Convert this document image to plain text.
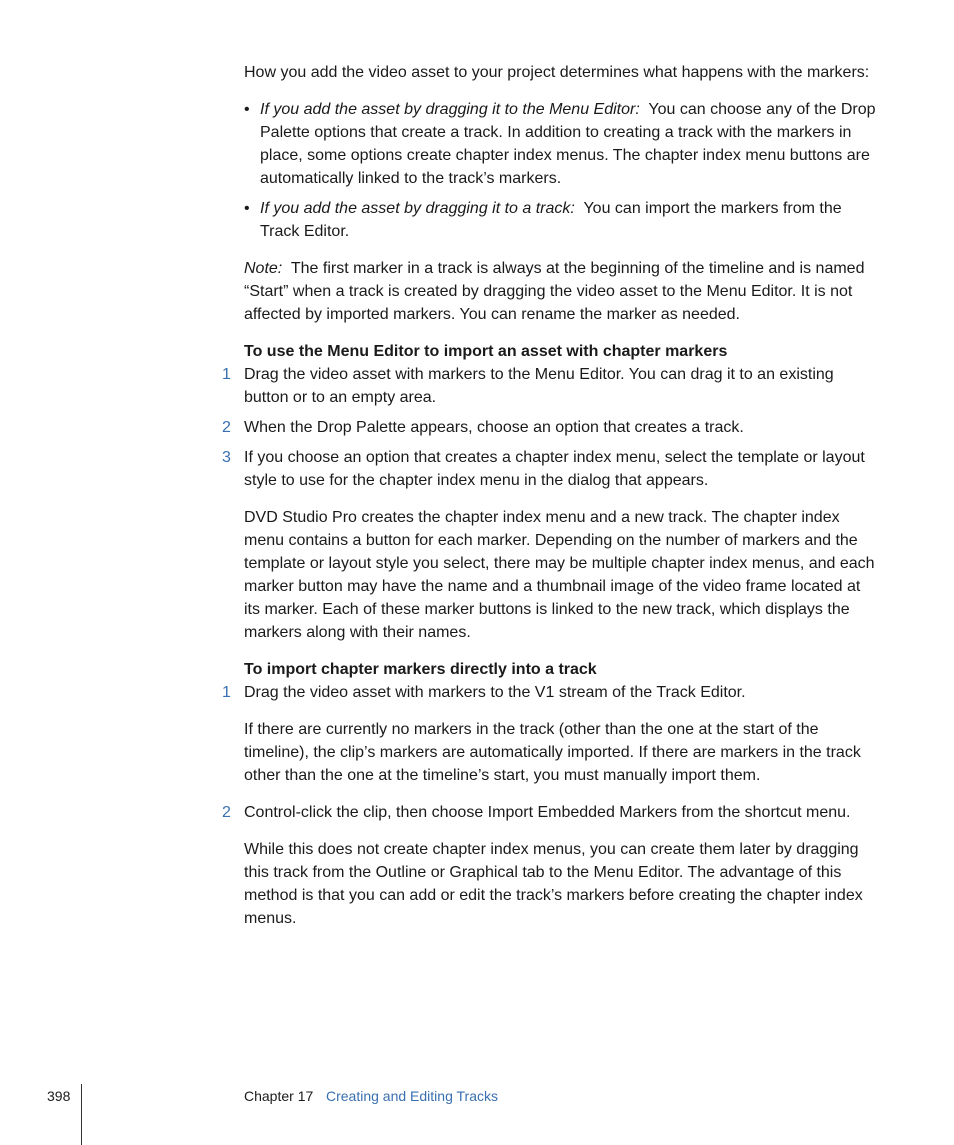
How you add the video asset to your project determines what happens with the markers:

• If you add the asset by dragging it to the Menu Editor: You can choose any of the Drop Palette options that create a track. In addition to creating a track with the markers in place, some options create chapter index menus. The chapter index menu buttons are automatically linked to the track’s markers.
• If you add the asset by dragging it to a track: You can import the markers from the Track Editor.

Note: The first marker in a track is always at the beginning of the timeline and is named “Start” when a track is created by dragging the video asset to the Menu Editor. It is not affected by imported markers. You can rename the marker as needed.

To use the Menu Editor to import an asset with chapter markers

1 Drag the video asset with markers to the Menu Editor. You can drag it to an existing button or to an empty area.
2 When the Drop Palette appears, choose an option that creates a track.
3 If you choose an option that creates a chapter index menu, select the template or layout style to use for the chapter index menu in the dialog that appears.

DVD Studio Pro creates the chapter index menu and a new track. The chapter index menu contains a button for each marker. Depending on the number of markers and the template or layout style you select, there may be multiple chapter index menus, and each marker button may have the name and a thumbnail image of the video frame located at its marker. Each of these marker buttons is linked to the new track, which displays the markers along with their names.

To import chapter markers directly into a track

1 Drag the video asset with markers to the V1 stream of the Track Editor.

If there are currently no markers in the track (other than the one at the start of the timeline), the clip’s markers are automatically imported. If there are markers in the track other than the one at the timeline’s start, you must manually import them.

2 Control-click the clip, then choose Import Embedded Markers from the shortcut menu.

While this does not create chapter index menus, you can create them later by dragging this track from the Outline or Graphical tab to the Menu Editor. The advantage of this method is that you can add or edit the track’s markers before creating the chapter index menus.

398	Chapter 17 Creating and Editing Tracks
